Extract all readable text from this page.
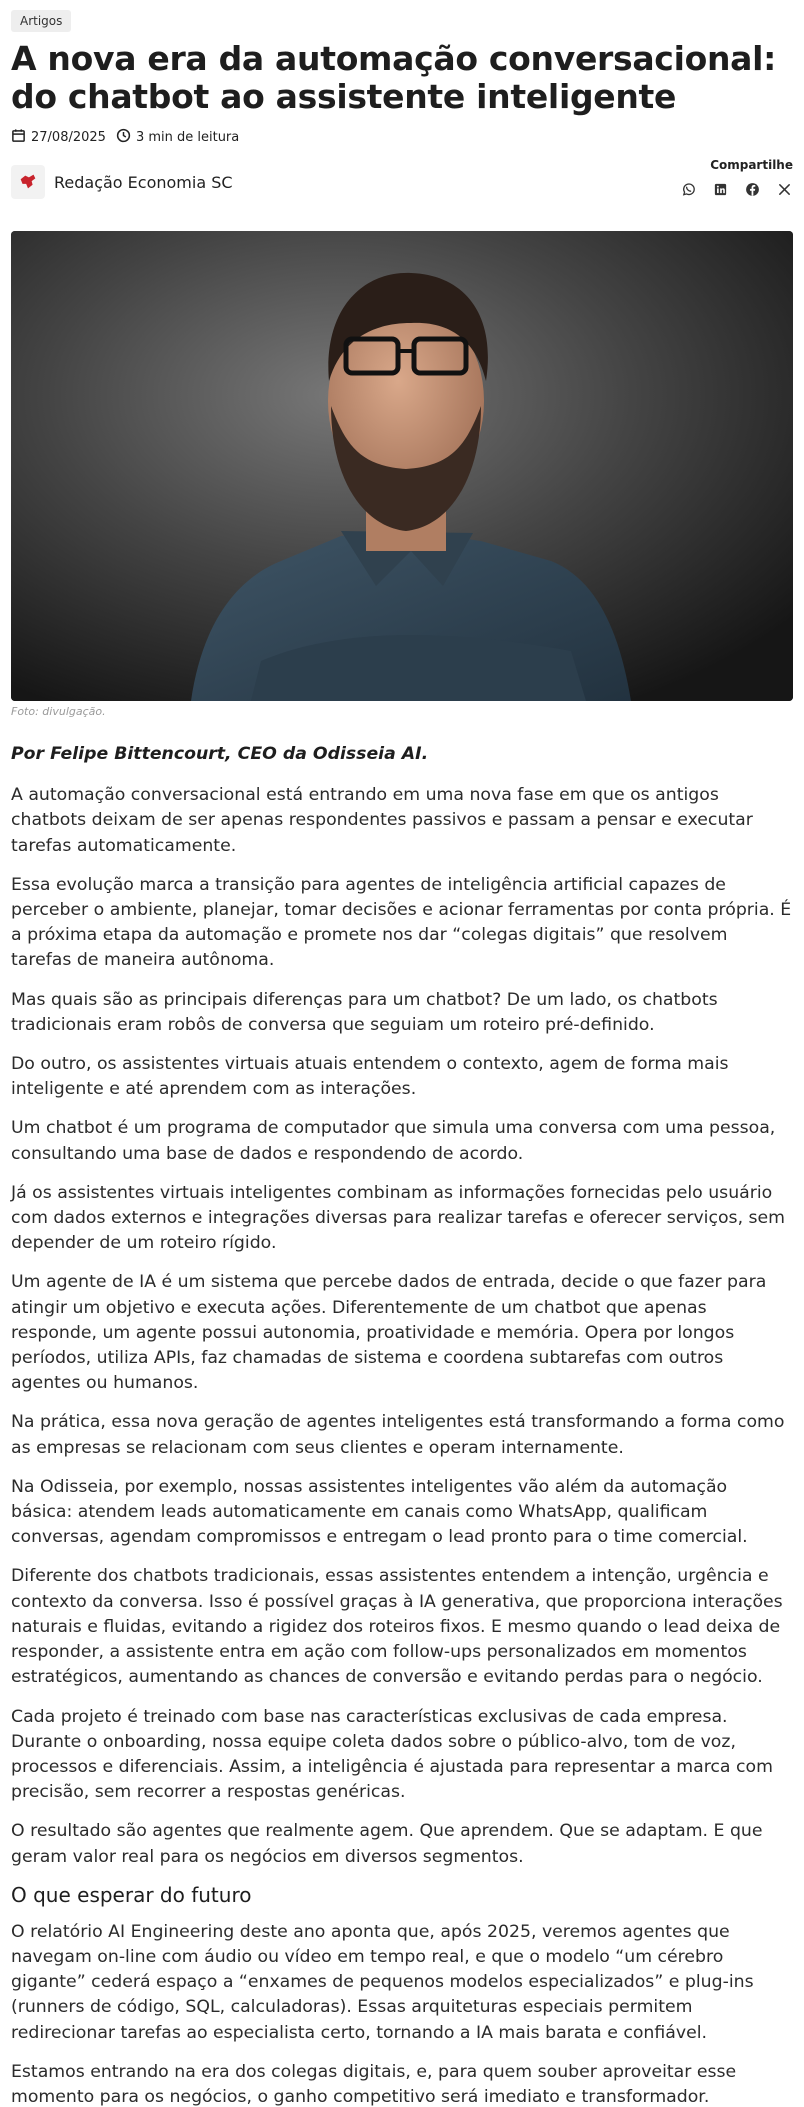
Artigos
A nova era da automação conversacional: do chatbot ao assistente inteligente
27/08/2025 3 min de leitura
Redação Economia SC
Compartilhe
Foto: divulgação.

Por Felipe Bittencourt, CEO da Odisseia AI.

A automação conversacional está entrando em uma nova fase em que os antigos chatbots deixam de ser apenas respondentes passivos e passam a pensar e executar tarefas automaticamente.

Essa evolução marca a transição para agentes de inteligência artificial capazes de perceber o ambiente, planejar, tomar decisões e acionar ferramentas por conta própria. É a próxima etapa da automação e promete nos dar “colegas digitais” que resolvem tarefas de maneira autônoma.

Mas quais são as principais diferenças para um chatbot? De um lado, os chatbots tradicionais eram robôs de conversa que seguiam um roteiro pré-definido.

Do outro, os assistentes virtuais atuais entendem o contexto, agem de forma mais inteligente e até aprendem com as interações.

Um chatbot é um programa de computador que simula uma conversa com uma pessoa, consultando uma base de dados e respondendo de acordo.

Já os assistentes virtuais inteligentes combinam as informações fornecidas pelo usuário com dados externos e integrações diversas para realizar tarefas e oferecer serviços, sem depender de um roteiro rígido.

Um agente de IA é um sistema que percebe dados de entrada, decide o que fazer para atingir um objetivo e executa ações. Diferentemente de um chatbot que apenas responde, um agente possui autonomia, proatividade e memória. Opera por longos períodos, utiliza APIs, faz chamadas de sistema e coordena subtarefas com outros agentes ou humanos.

Na prática, essa nova geração de agentes inteligentes está transformando a forma como as empresas se relacionam com seus clientes e operam internamente.

Na Odisseia, por exemplo, nossas assistentes inteligentes vão além da automação básica: atendem leads automaticamente em canais como WhatsApp, qualificam conversas, agendam compromissos e entregam o lead pronto para o time comercial.

Diferente dos chatbots tradicionais, essas assistentes entendem a intenção, urgência e contexto da conversa. Isso é possível graças à IA generativa, que proporciona interações naturais e fluidas, evitando a rigidez dos roteiros fixos. E mesmo quando o lead deixa de responder, a assistente entra em ação com follow-ups personalizados em momentos estratégicos, aumentando as chances de conversão e evitando perdas para o negócio.

Cada projeto é treinado com base nas características exclusivas de cada empresa. Durante o onboarding, nossa equipe coleta dados sobre o público-alvo, tom de voz, processos e diferenciais. Assim, a inteligência é ajustada para representar a marca com precisão, sem recorrer a respostas genéricas.

O resultado são agentes que realmente agem. Que aprendem. Que se adaptam. E que geram valor real para os negócios em diversos segmentos.

O que esperar do futuro

O relatório AI Engineering deste ano aponta que, após 2025, veremos agentes que navegam on-line com áudio ou vídeo em tempo real, e que o modelo “um cérebro gigante” cederá espaço a “enxames de pequenos modelos especializados” e plug-ins (runners de código, SQL, calculadoras). Essas arquiteturas especiais permitem redirecionar tarefas ao especialista certo, tornando a IA mais barata e confiável.

Estamos entrando na era dos colegas digitais, e, para quem souber aproveitar esse momento para os negócios, o ganho competitivo será imediato e transformador.
